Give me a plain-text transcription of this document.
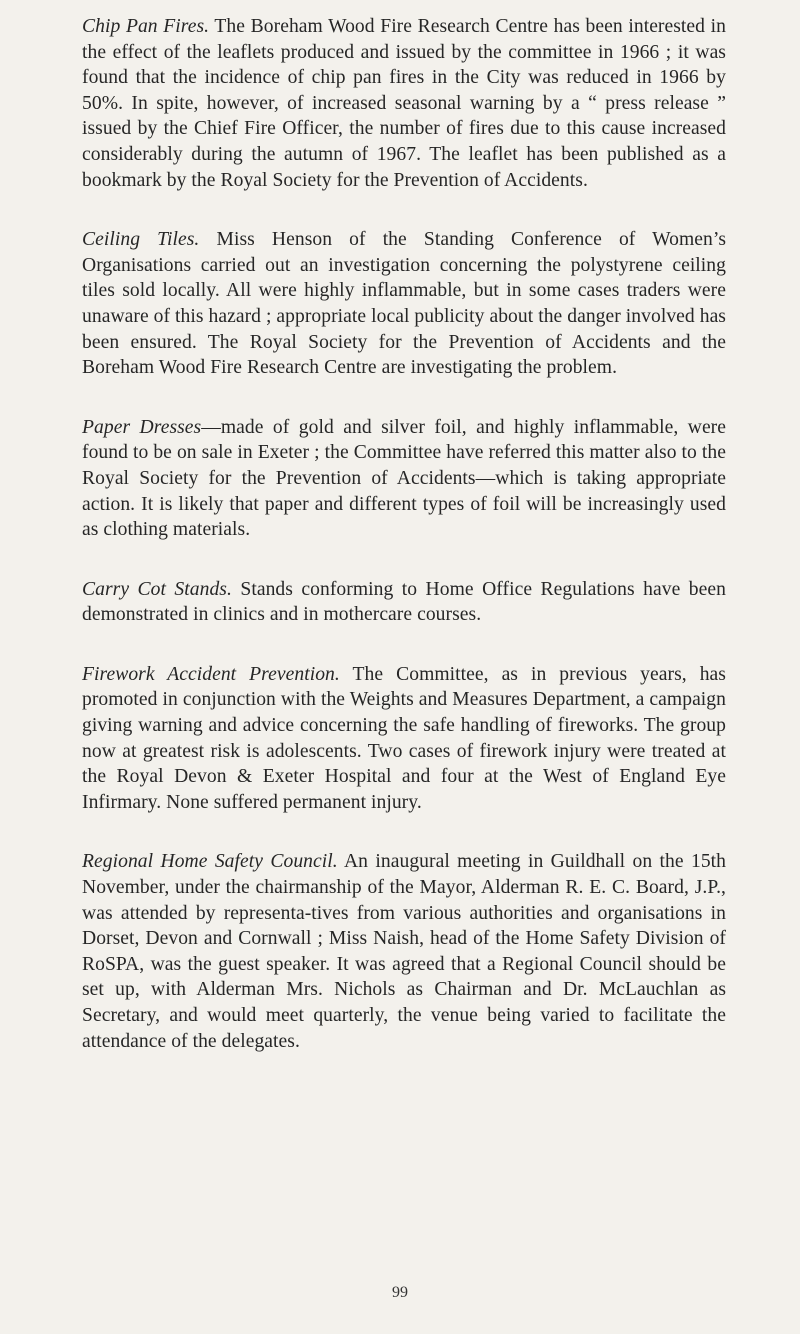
Chip Pan Fires. The Boreham Wood Fire Research Centre has been interested in the effect of the leaflets produced and issued by the committee in 1966 ; it was found that the incidence of chip pan fires in the City was reduced in 1966 by 50%. In spite, however, of increased seasonal warning by a “ press release ” issued by the Chief Fire Officer, the number of fires due to this cause increased considerably during the autumn of 1967. The leaflet has been published as a bookmark by the Royal Society for the Prevention of Accidents.

Ceiling Tiles. Miss Henson of the Standing Conference of Women’s Organisations carried out an investigation concerning the polystyrene ceiling tiles sold locally. All were highly inflammable, but in some cases traders were unaware of this hazard ; appropriate local publicity about the danger involved has been ensured. The Royal Society for the Prevention of Accidents and the Boreham Wood Fire Research Centre are investigating the problem.

Paper Dresses—made of gold and silver foil, and highly inflammable, were found to be on sale in Exeter ; the Committee have referred this matter also to the Royal Society for the Prevention of Accidents—which is taking appropriate action. It is likely that paper and different types of foil will be increasingly used as clothing materials.

Carry Cot Stands. Stands conforming to Home Office Regulations have been demonstrated in clinics and in mothercare courses.

Firework Accident Prevention. The Committee, as in previous years, has promoted in conjunction with the Weights and Measures Department, a campaign giving warning and advice concerning the safe handling of fireworks. The group now at greatest risk is adolescents. Two cases of firework injury were treated at the Royal Devon & Exeter Hospital and four at the West of England Eye Infirmary. None suffered permanent injury.

Regional Home Safety Council. An inaugural meeting in Guildhall on the 15th November, under the chairmanship of the Mayor, Alderman R. E. C. Board, J.P., was attended by representa-tives from various authorities and organisations in Dorset, Devon and Cornwall ; Miss Naish, head of the Home Safety Division of RoSPA, was the guest speaker. It was agreed that a Regional Council should be set up, with Alderman Mrs. Nichols as Chairman and Dr. McLauchlan as Secretary, and would meet quarterly, the venue being varied to facilitate the attendance of the delegates.

99
